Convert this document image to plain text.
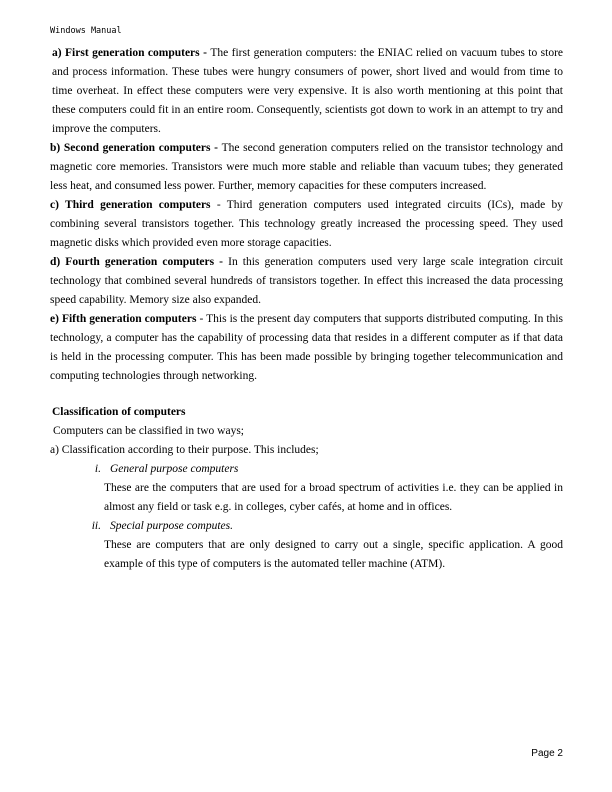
Windows Manual

a) First generation computers - The first generation computers: the ENIAC relied on vacuum tubes to store and process information. These tubes were hungry consumers of power, short lived and would from time to time overheat. In effect these computers were very expensive. It is also worth mentioning at this point that these computers could fit in an entire room. Consequently, scientists got down to work in an attempt to try and improve the computers.

b) Second generation computers - The second generation computers relied on the transistor technology and magnetic core memories. Transistors were much more stable and reliable than vacuum tubes; they generated less heat, and consumed less power. Further, memory capacities for these computers increased.

c) Third generation computers - Third generation computers used integrated circuits (ICs), made by combining several transistors together. This technology greatly increased the processing speed. They used magnetic disks which provided even more storage capacities.

d) Fourth generation computers - In this generation computers used very large scale integration circuit technology that combined several hundreds of transistors together. In effect this increased the data processing speed capability. Memory size also expanded.

e) Fifth generation computers - This is the present day computers that supports distributed computing. In this technology, a computer has the capability of processing data that resides in a different computer as if that data is held in the processing computer. This has been made possible by bringing together telecommunication and computing technologies through networking.

Classification of computers

Computers can be classified in two ways;

a) Classification according to their purpose. This includes;

i. General purpose computers

These are the computers that are used for a broad spectrum of activities i.e. they can be applied in almost any field or task e.g. in colleges, cyber cafés, at home and in offices.

ii. Special purpose computes.

These are computers that are only designed to carry out a single, specific application. A good example of this type of computers is the automated teller machine (ATM).

Page 2
